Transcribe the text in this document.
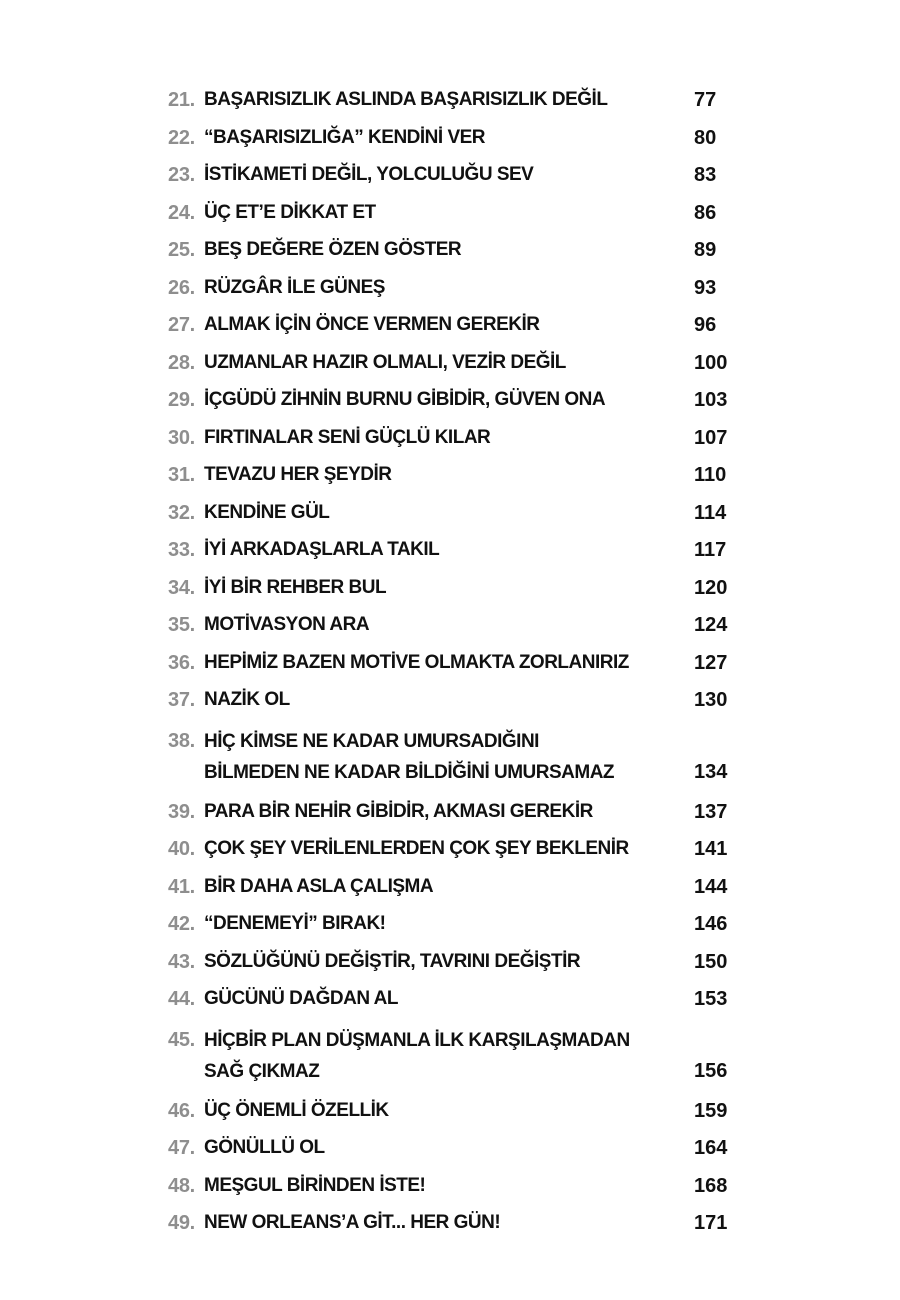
21. BAŞARISIZLIK ASLINDA BAŞARISIZLIK DEĞİL	77
22. “BAŞARISIZLIĞA” KENDİNİ VER	80
23. İSTİKAMETİ DEĞİL, YOLCULUĞU SEV	83
24. ÜÇ ET’E DİKKAT ET	86
25. BEŞ DEĞERE ÖZEN GÖSTER	89
26. RÜZGÂR İLE GÜNEŞ	93
27. ALMAK İÇİN ÖNCE VERMEN GEREKİR	96
28. UZMANLAR HAZIR OLMALI, VEZİR DEĞİL	100
29. İÇGÜDÜ ZİHNİN BURNU GİBİDİR, GÜVEN ONA	103
30. FIRTINALAR SENİ GÜÇLÜ KILAR	107
31. TEVAZU HER ŞEYDİR	110
32. KENDİNE GÜL	114
33. İYİ ARKADAŞLARLA TAKIL	117
34. İYİ BİR REHBER BUL	120
35. MOTİVASYON ARA	124
36. HEPİMİZ BAZEN MOTİVE OLMAKTA ZORLANIRIZ	127
37. NAZİK OL	130
38. HİÇ KİMSE NE KADAR UMURSADIĞINI
BİLMEDEN NE KADAR BİLDİĞİNİ UMURSAMAZ	134
39. PARA BİR NEHİR GİBİDİR, AKMASI GEREKİR	137
40. ÇOK ŞEY VERİLENLERDEN ÇOK ŞEY BEKLENİR	141
41. BİR DAHA ASLA ÇALIŞMA	144
42. “DENEMEYİ” BIRAK!	146
43. SÖZLÜĞÜNÜ DEĞİŞTİR, TAVRINI DEĞİŞTİR	150
44. GÜCÜNÜ DAĞDAN AL	153
45. HİÇBİR PLAN DÜŞMANLA İLK KARŞILAŞMADAN
SAĞ ÇIKMAZ	156
46. ÜÇ ÖNEMLİ ÖZELLİK	159
47. GÖNÜLLÜ OL	164
48. MEŞGUL BİRİNDEN İSTE!	168
49. NEW ORLEANS’A GİT... HER GÜN!	171
